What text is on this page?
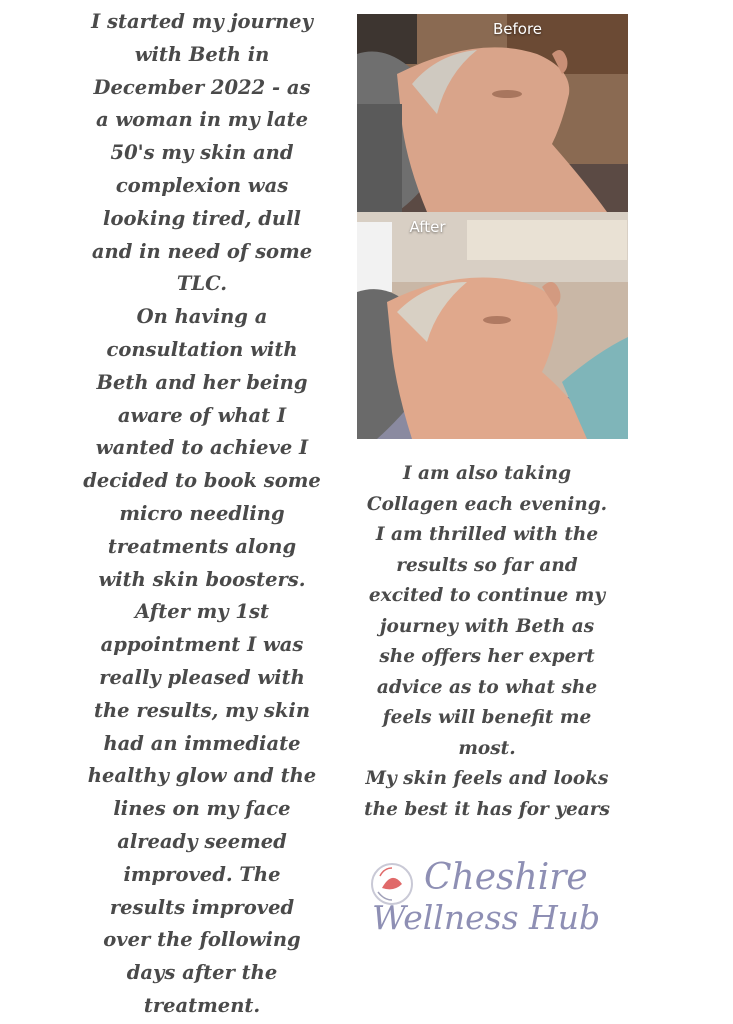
I started my journey
with Beth in
December 2022 - as
a woman in my late
50's my skin and
complexion was
looking tired, dull
and in need of some
TLC.
On having a
consultation with
Beth and her being
aware of what I
wanted to achieve I
decided to book some
micro needling
treatments along
with skin boosters.
After my 1st
appointment I was
really pleased with
the results, my skin
had an immediate
healthy glow and the
lines on my face
already seemed
improved. The
results improved
over the following
days after the
treatment.
Before
After
I am also taking
Collagen each evening.
I am thrilled with the
results so far and
excited to continue my
journey with Beth as
she offers her expert
advice as to what she
feels will benefit me
most.
My skin feels and looks
the best it has for years
Cheshire
Wellness Hub
